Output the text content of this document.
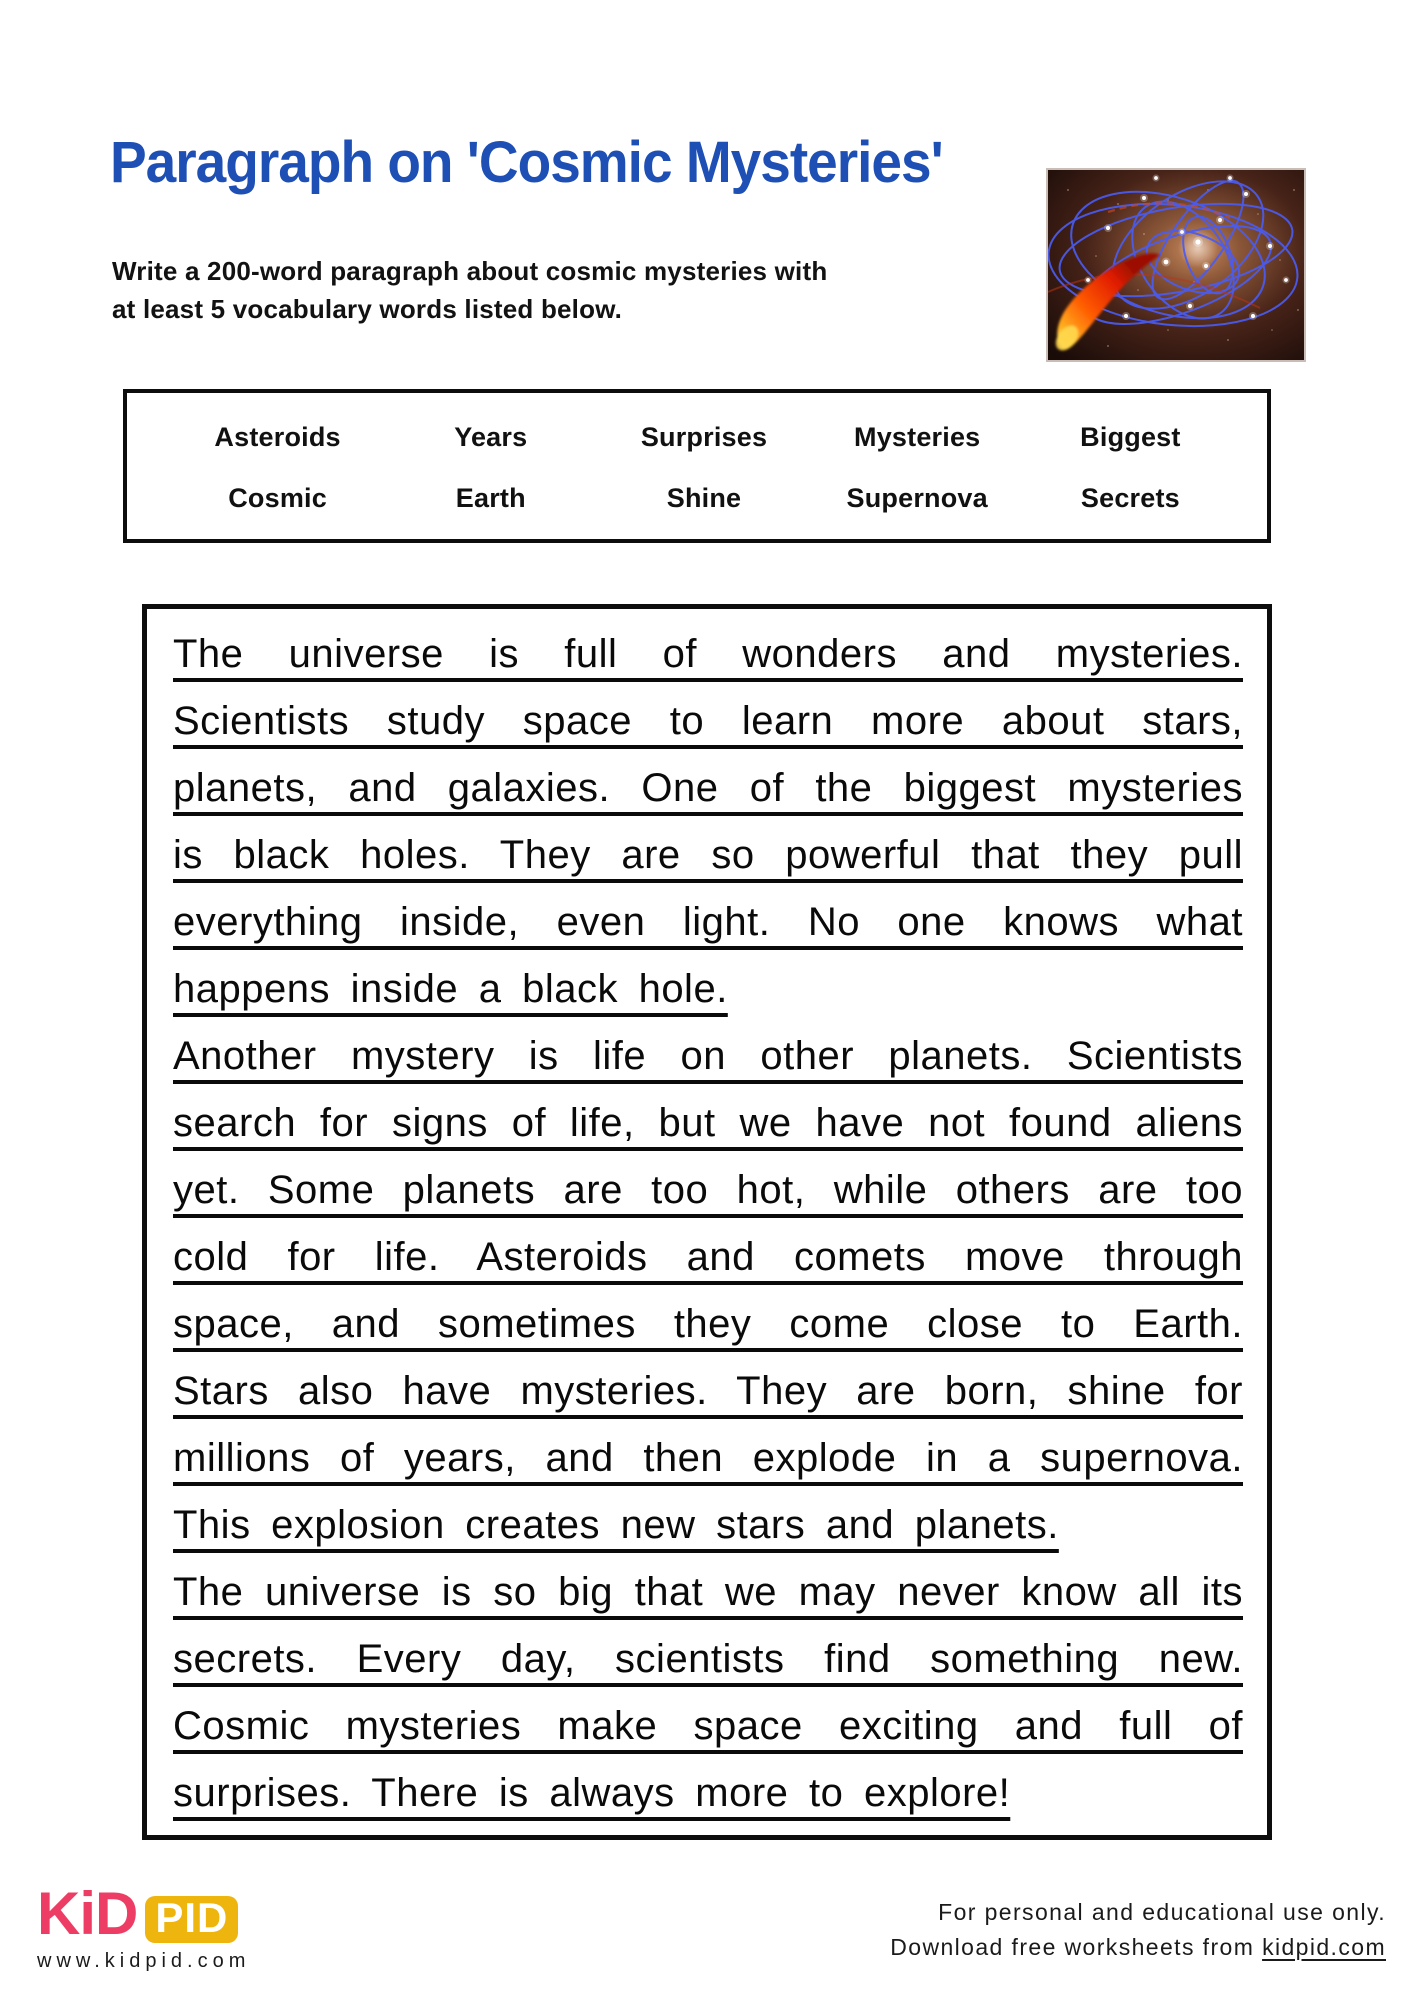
Paragraph on 'Cosmic Mysteries'
Write a 200-word paragraph about cosmic mysteries with
at least 5 vocabulary words listed below.
Asteroids	Years	Surprises	Mysteries	Biggest
Cosmic	Earth	Shine	Supernova	Secrets
The universe is full of wonders and mysteries.
Scientists study space to learn more about stars,
planets, and galaxies. One of the biggest mysteries
is black holes. They are so powerful that they pull
everything inside, even light. No one knows what
happens inside a black hole.
Another mystery is life on other planets. Scientists
search for signs of life, but we have not found aliens
yet. Some planets are too hot, while others are too
cold for life. Asteroids and comets move through
space, and sometimes they come close to Earth.
Stars also have mysteries. They are born, shine for
millions of years, and then explode in a supernova.
This explosion creates new stars and planets.
The universe is so big that we may never know all its
secrets. Every day, scientists find something new.
Cosmic mysteries make space exciting and full of
surprises. There is always more to explore!
KiD PID
www.kidpid.com
For personal and educational use only.
Download free worksheets from kidpid.com
